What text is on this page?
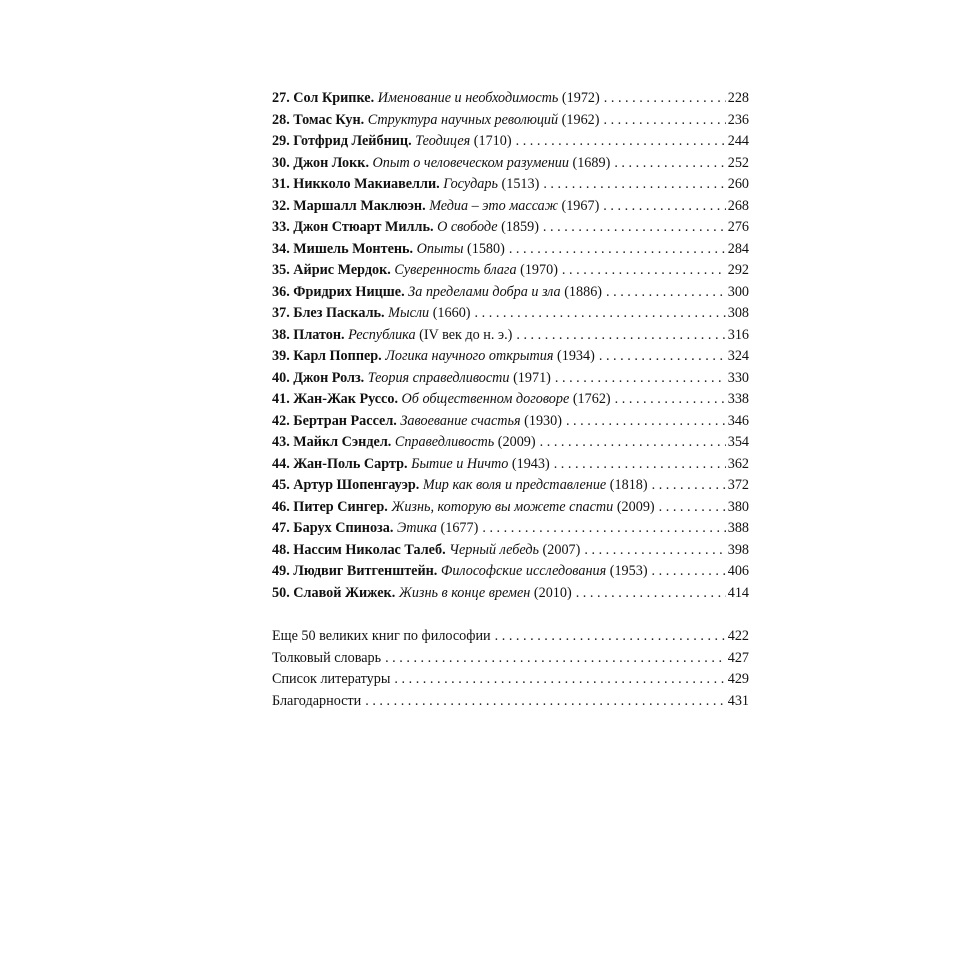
27. Сол Крипке. Именование и необходимость (1972) . . .	228
28. Томас Кун. Структура научных революций (1962) . . .	236
29. Готфрид Лейбниц. Теодицея (1710) . . .	244
30. Джон Локк. Опыт о человеческом разумении (1689) . . .	252
31. Никколо Макиавелли. Государь (1513) . . .	260
32. Маршалл Маклюэн. Медиа – это массаж (1967) . . .	268
33. Джон Стюарт Милль. О свободе (1859) . . .	276
34. Мишель Монтень. Опыты (1580) . . .	284
35. Айрис Мердок. Суверенность блага (1970) . . .	292
36. Фридрих Ницше. За пределами добра и зла (1886) . . .	300
37. Блез Паскаль. Мысли (1660) . . .	308
38. Платон. Республика (IV век до н. э.) . . .	316
39. Карл Поппер. Логика научного открытия (1934) . . .	324
40. Джон Ролз. Теория справедливости (1971) . . .	330
41. Жан-Жак Руссо. Об общественном договоре (1762) . . .	338
42. Бертран Рассел. Завоевание счастья (1930) . . .	346
43. Майкл Сэндел. Справедливость (2009) . . .	354
44. Жан-Поль Сартр. Бытие и Ничто (1943) . . .	362
45. Артур Шопенгауэр. Мир как воля и представление (1818) . . .	372
46. Питер Сингер. Жизнь, которую вы можете спасти (2009) . . .	380
47. Барух Спиноза. Этика (1677) . . .	388
48. Нассим Николас Талеб. Черный лебедь (2007) . . .	398
49. Людвиг Витгенштейн. Философские исследования (1953) . . .	406
50. Славой Жижек. Жизнь в конце времен (2010) . . .	414
Еще 50 великих книг по философии . . .	422
Толковый словарь . . .	427
Список литературы . . .	429
Благодарности . . .	431
